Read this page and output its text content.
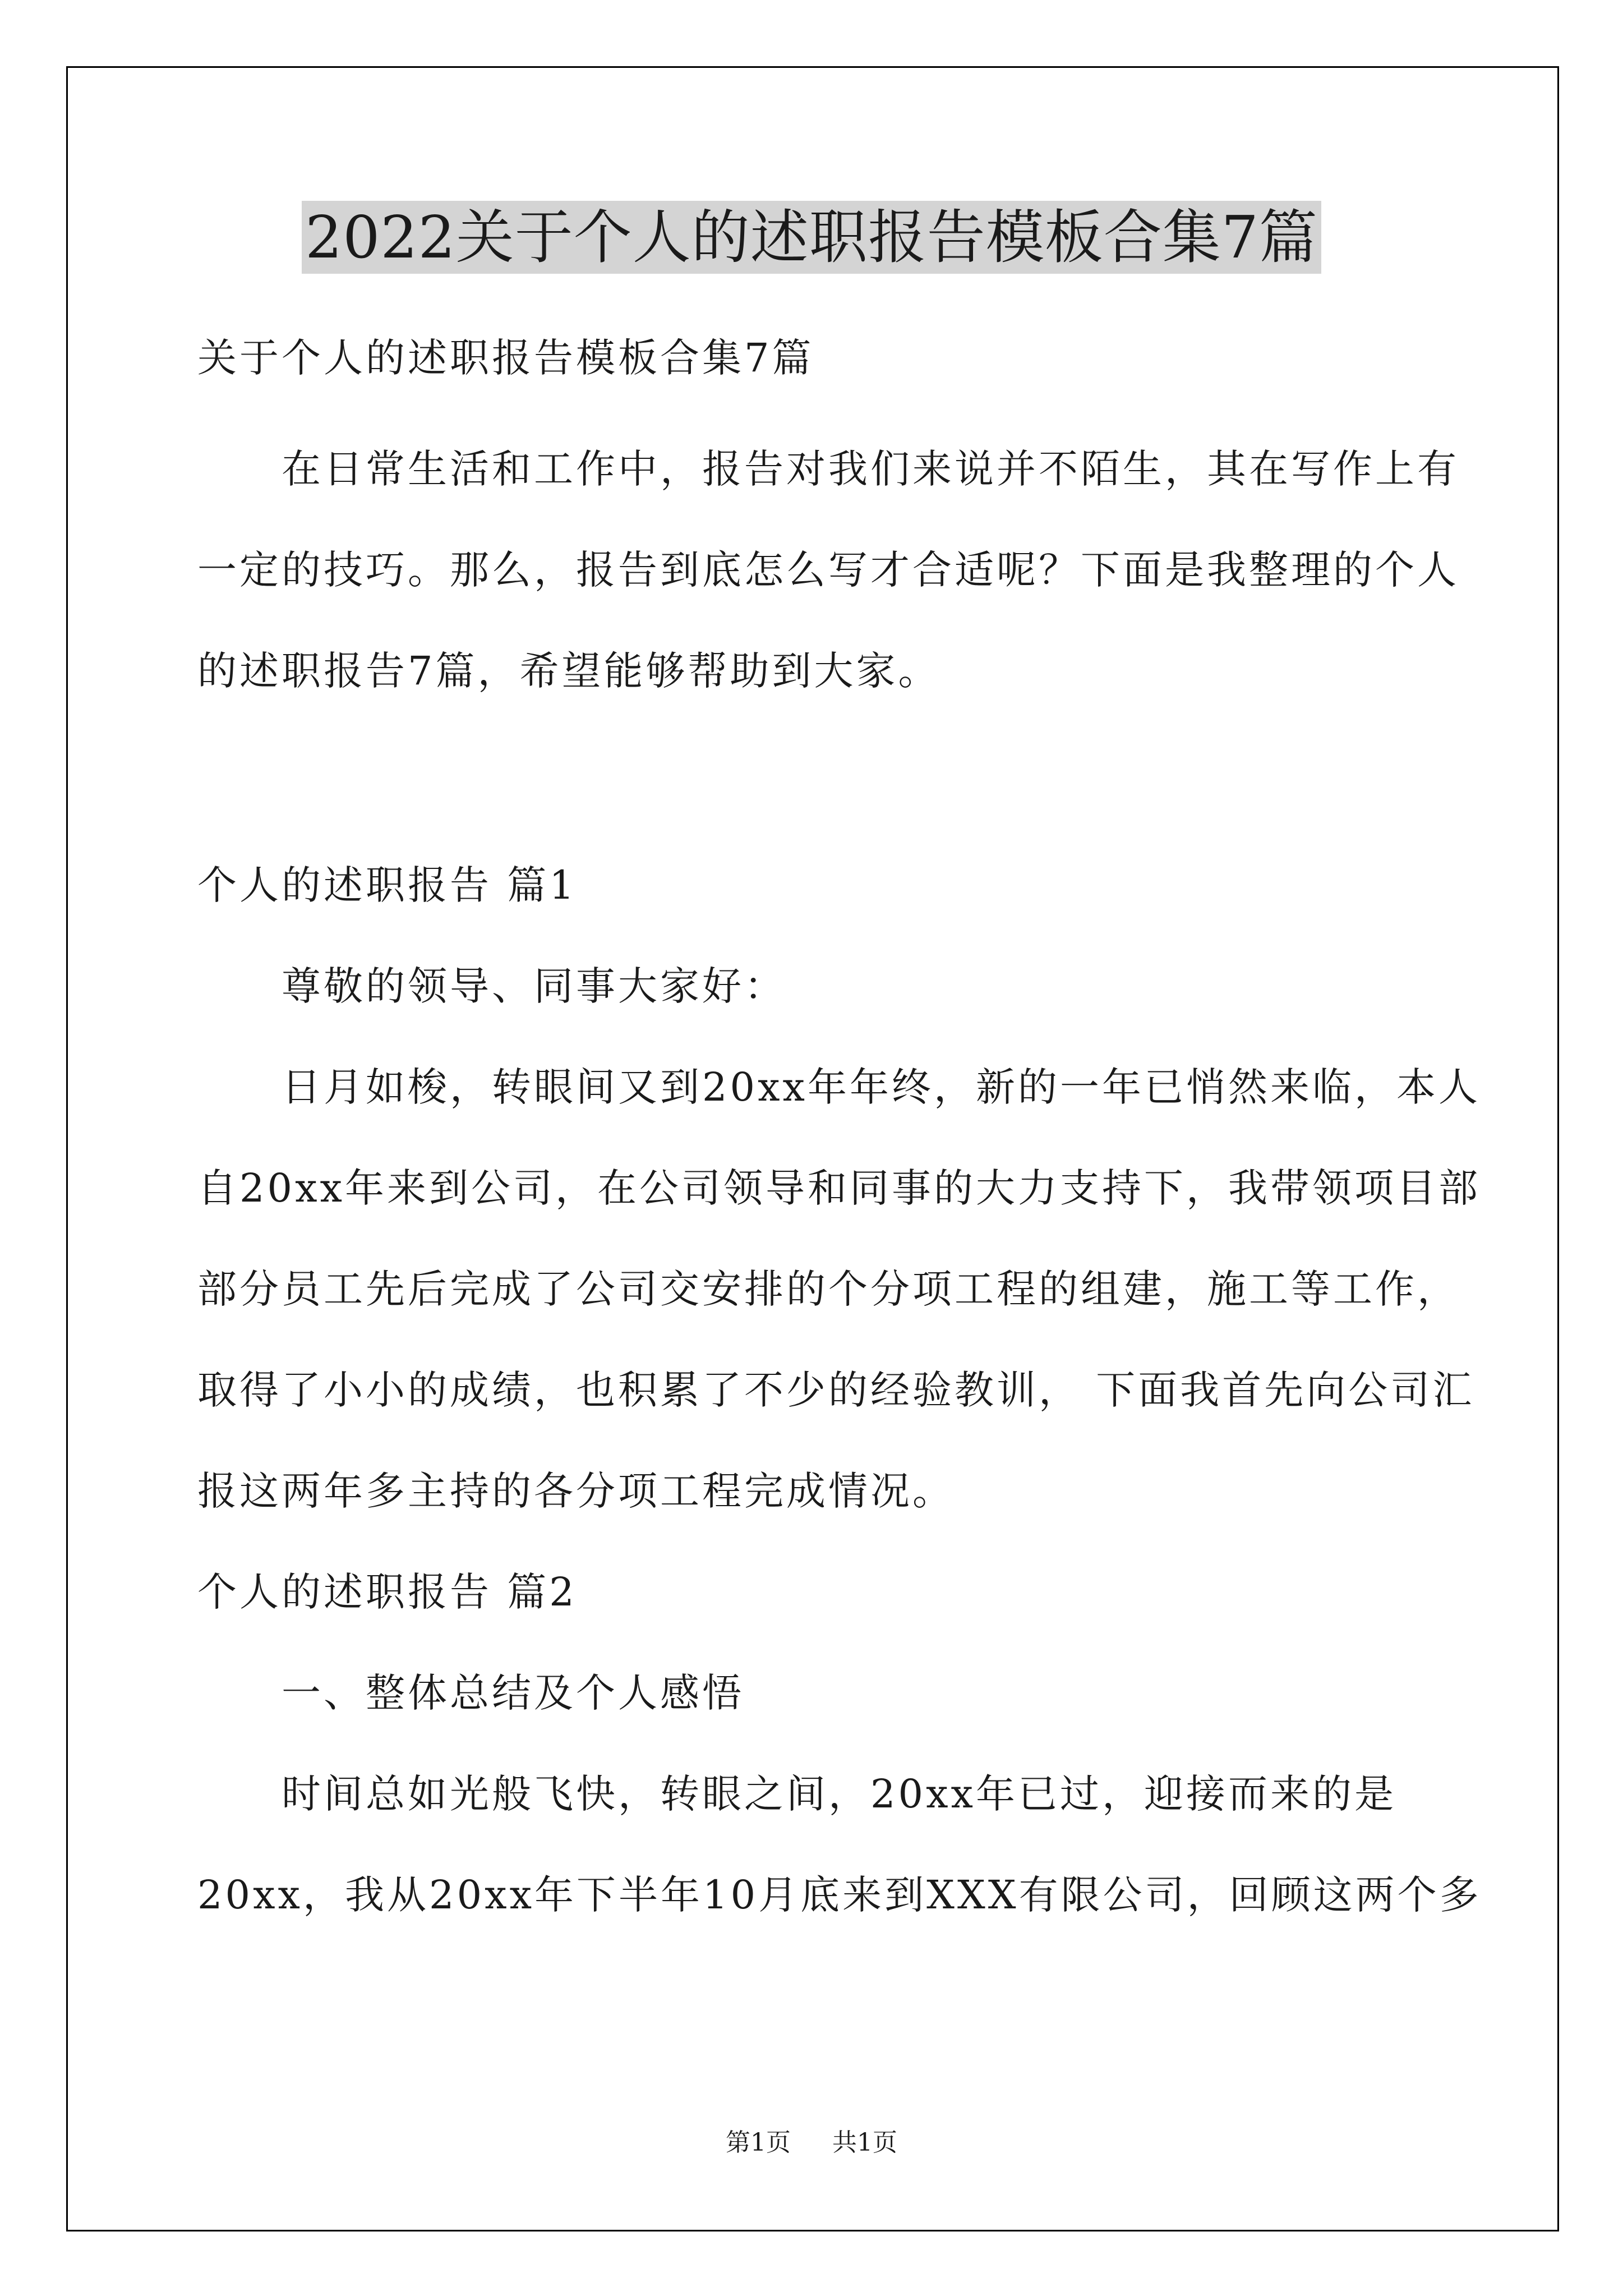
2022关于个人的述职报告模板合集7篇
关于个人的述职报告模板合集7篇
在日常生活和工作中，报告对我们来说并不陌生，其在写作上有
一定的技巧。那么，报告到底怎么写才合适呢？下面是我整理的个人
的述职报告7篇，希望能够帮助到大家。
个人的述职报告 篇1
尊敬的领导、同事大家好：
日月如梭，转眼间又到20xx年年终，新的一年已悄然来临，本人
自20xx年来到公司，在公司领导和同事的大力支持下，我带领项目部
部分员工先后完成了公司交安排的个分项工程的组建，施工等工作，
取得了小小的成绩，也积累了不少的经验教训， 下面我首先向公司汇
报这两年多主持的各分项工程完成情况。
个人的述职报告 篇2
一、整体总结及个人感悟
时间总如光般飞快，转眼之间，20xx年已过，迎接而来的是
20xx，我从20xx年下半年10月底来到XXX有限公司，回顾这两个多
第1页 共1页
